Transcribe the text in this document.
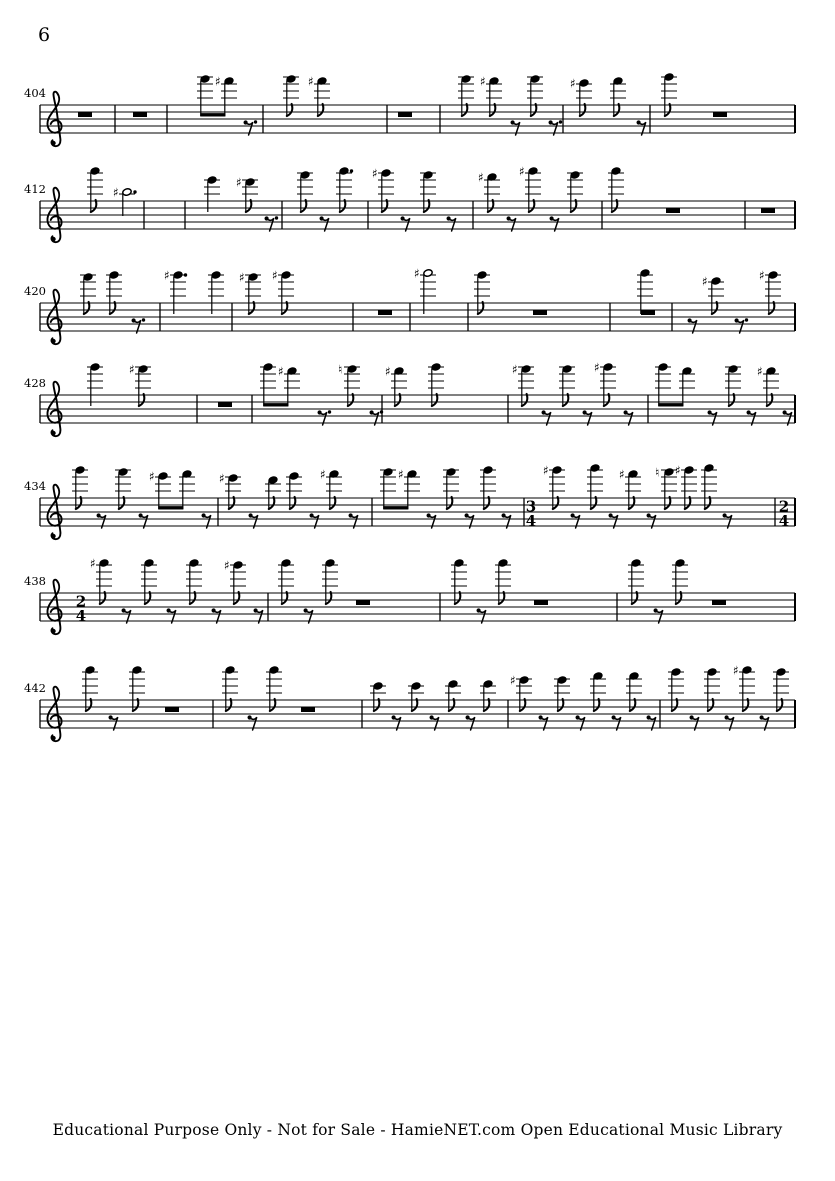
404
♯	♯	♯	♯
412	♯
♯
♯	♯	♯
420
♯	♯ ♯	♯
♯	♯
428
♯	♯	♮	♯	♯	♯	♯
434
♯	♯	♯	♯
3
4
♯	♯	♮ ♯
2
4
438
2
4
♯	♯
442
♯
♯
6
Educational Purpose Only - Not for Sale - HamieNET.com Open Educational Music Library
